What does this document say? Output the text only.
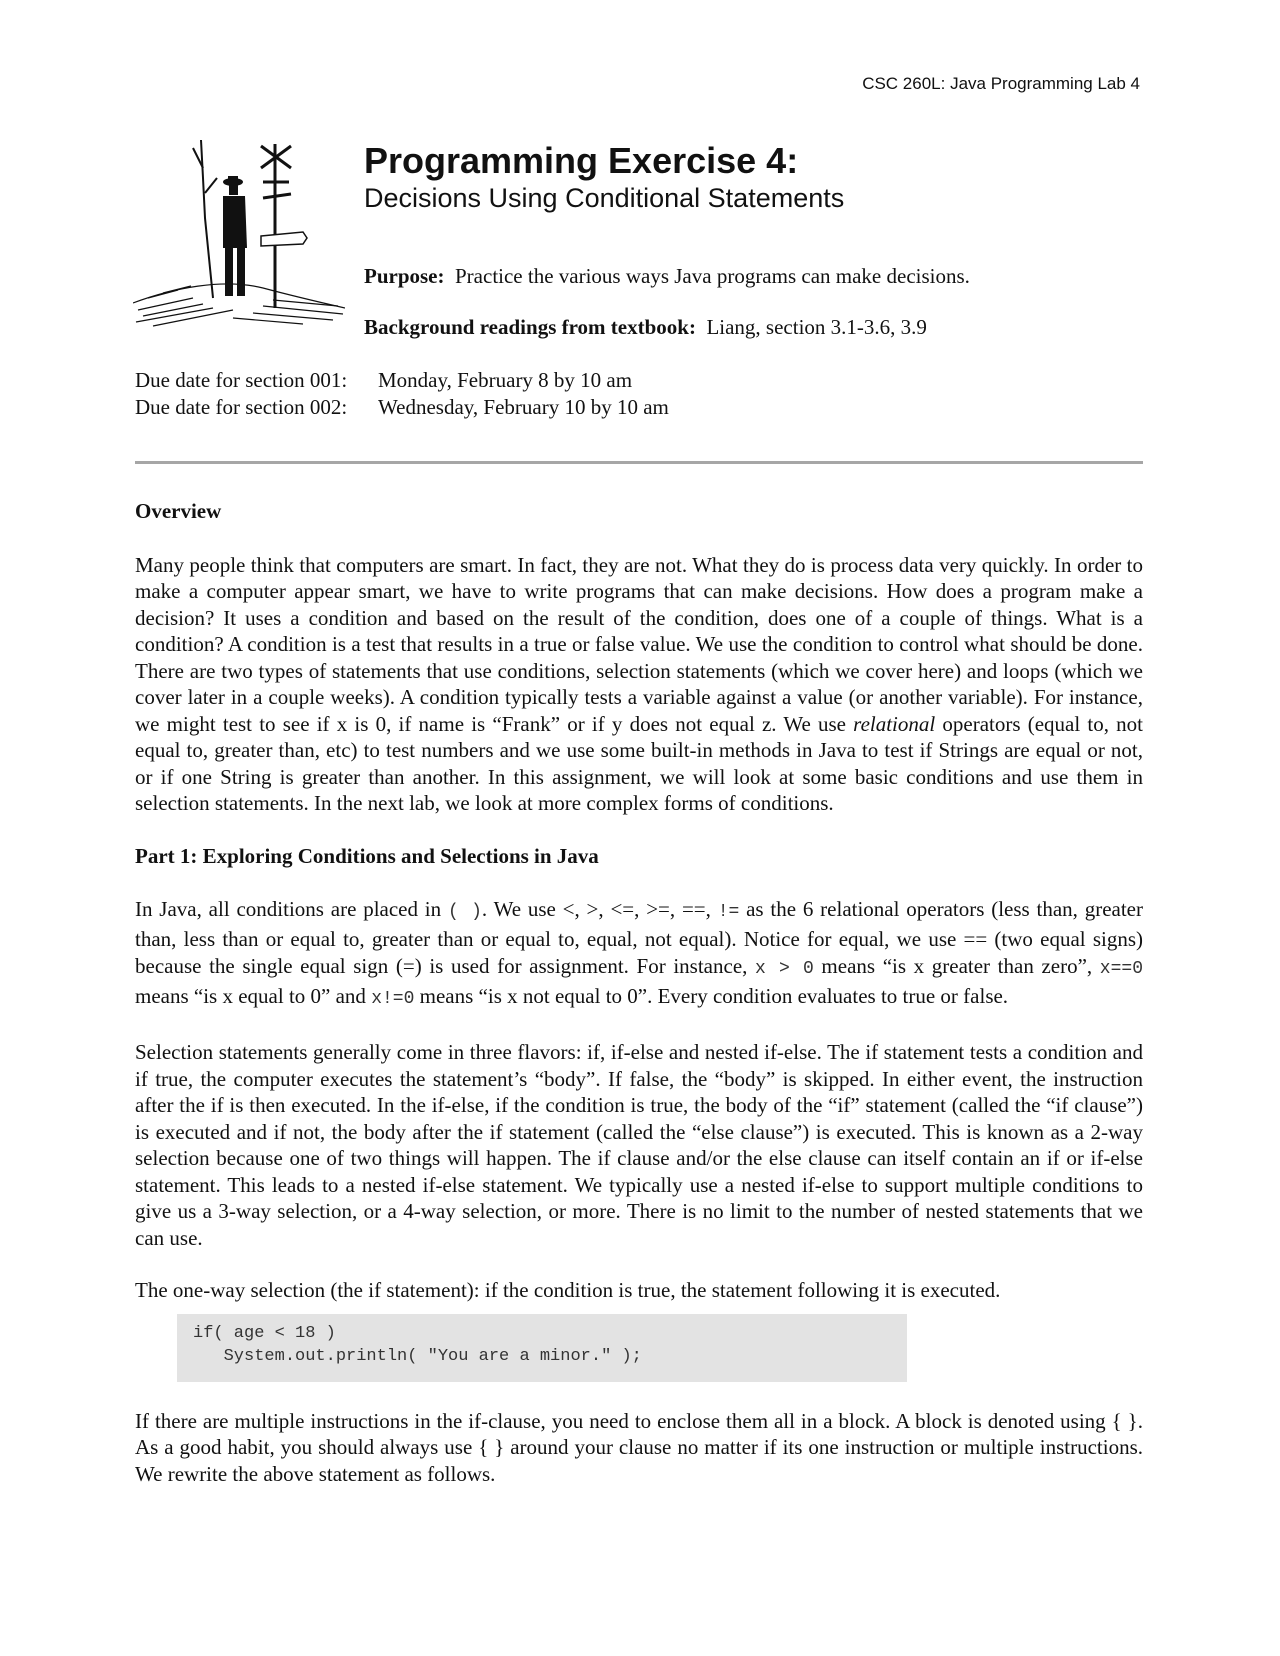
CSC 260L: Java Programming Lab 4
Programming Exercise 4:
Decisions Using Conditional Statements
Purpose: Practice the various ways Java programs can make decisions.
Background readings from textbook: Liang, section 3.1-3.6, 3.9
Due date for section 001:	Monday, February 8 by 10 am
Due date for section 002:	Wednesday, February 10 by 10 am
Overview

Many people think that computers are smart. In fact, they are not. What they do is process data very quickly. In order to make a computer appear smart, we have to write programs that can make decisions. How does a program make a decision? It uses a condition and based on the result of the condition, does one of a couple of things. What is a condition? A condition is a test that results in a true or false value. We use the condition to control what should be done. There are two types of statements that use conditions, selection statements (which we cover here) and loops (which we cover later in a couple weeks). A condition typically tests a variable against a value (or another variable). For instance, we might test to see if x is 0, if name is “Frank” or if y does not equal z. We use relational operators (equal to, not equal to, greater than, etc) to test numbers and we use some built-in methods in Java to test if Strings are equal or not, or if one String is greater than another. In this assignment, we will look at some basic conditions and use them in selection statements. In the next lab, we look at more complex forms of conditions.

Part 1: Exploring Conditions and Selections in Java

In Java, all conditions are placed in ( ). We use <, >, <=, >=, ==, != as the 6 relational operators (less than, greater than, less than or equal to, greater than or equal to, equal, not equal). Notice for equal, we use == (two equal signs) because the single equal sign (=) is used for assignment. For instance, x > 0 means “is x greater than zero”, x==0 means “is x equal to 0” and x!=0 means “is x not equal to 0”. Every condition evaluates to true or false.

Selection statements generally come in three flavors: if, if-else and nested if-else. The if statement tests a condition and if true, the computer executes the statement’s “body”. If false, the “body” is skipped. In either event, the instruction after the if is then executed. In the if-else, if the condition is true, the body of the “if” statement (called the “if clause”) is executed and if not, the body after the if statement (called the “else clause”) is executed. This is known as a 2-way selection because one of two things will happen. The if clause and/or the else clause can itself contain an if or if-else statement. This leads to a nested if-else statement. We typically use a nested if-else to support multiple conditions to give us a 3-way selection, or a 4-way selection, or more. There is no limit to the number of nested statements that we can use.

The one-way selection (the if statement): if the condition is true, the statement following it is executed.

if( age < 18 )
System.out.println( "You are a minor." );

If there are multiple instructions in the if-clause, you need to enclose them all in a block. A block is denoted using { }. As a good habit, you should always use { } around your clause no matter if its one instruction or multiple instructions. We rewrite the above statement as follows.
